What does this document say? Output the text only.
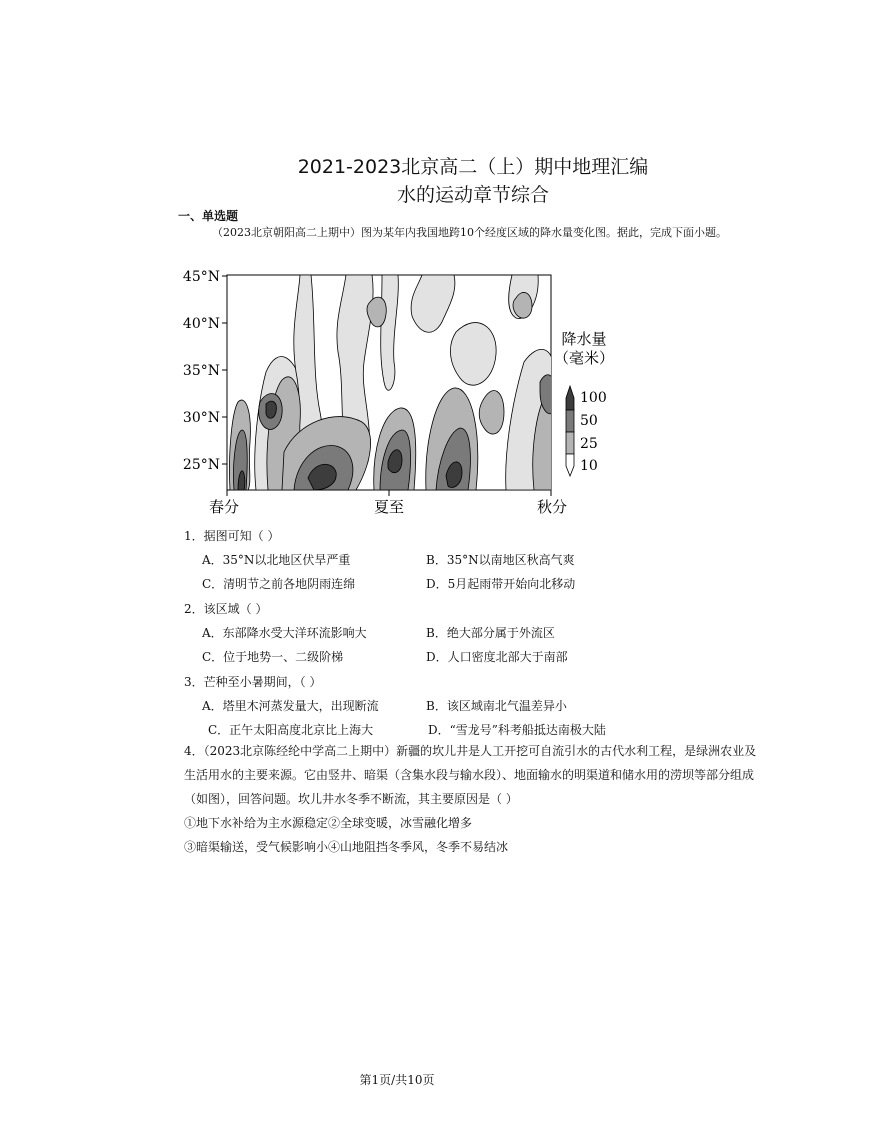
2021-2023北京高二（上）期中地理汇编
水的运动章节综合
一、单选题
（2023北京朝阳高二上期中）图为某年内我国地跨10个经度区域的降水量变化图。据此，完成下面小题。
45°N
40°N
35°N
30°N
25°N
春分	夏至	秋分
降水量
（毫米）
100
50
25
10
1．据图可知（ ）
A．35°N以北地区伏旱严重	B．35°N以南地区秋高气爽
C．清明节之前各地阴雨连绵	D．5月起雨带开始向北移动
2．该区域（ ）
A．东部降水受大洋环流影响大	B．绝大部分属于外流区
C．位于地势一、二级阶梯	D．人口密度北部大于南部
3．芒种至小暑期间，（ ）
A．塔里木河蒸发量大，出现断流	B．该区域南北气温差异小
C．正午太阳高度北京比上海大	D．“雪龙号”科考船抵达南极大陆
4．（2023北京陈经纶中学高二上期中）新疆的坎儿井是人工开挖可自流引水的古代水利工程，是绿洲农业及生活用水的主要来源。它由竖井、暗渠（含集水段与输水段）、地面输水的明渠道和储水用的涝坝等部分组成（如图），回答问题。坎儿井水冬季不断流，其主要原因是（ ）
①地下水补给为主水源稳定②全球变暖，冰雪融化增多
③暗渠输送，受气候影响小④山地阻挡冬季风，冬季不易结冰
第1页/共10页
